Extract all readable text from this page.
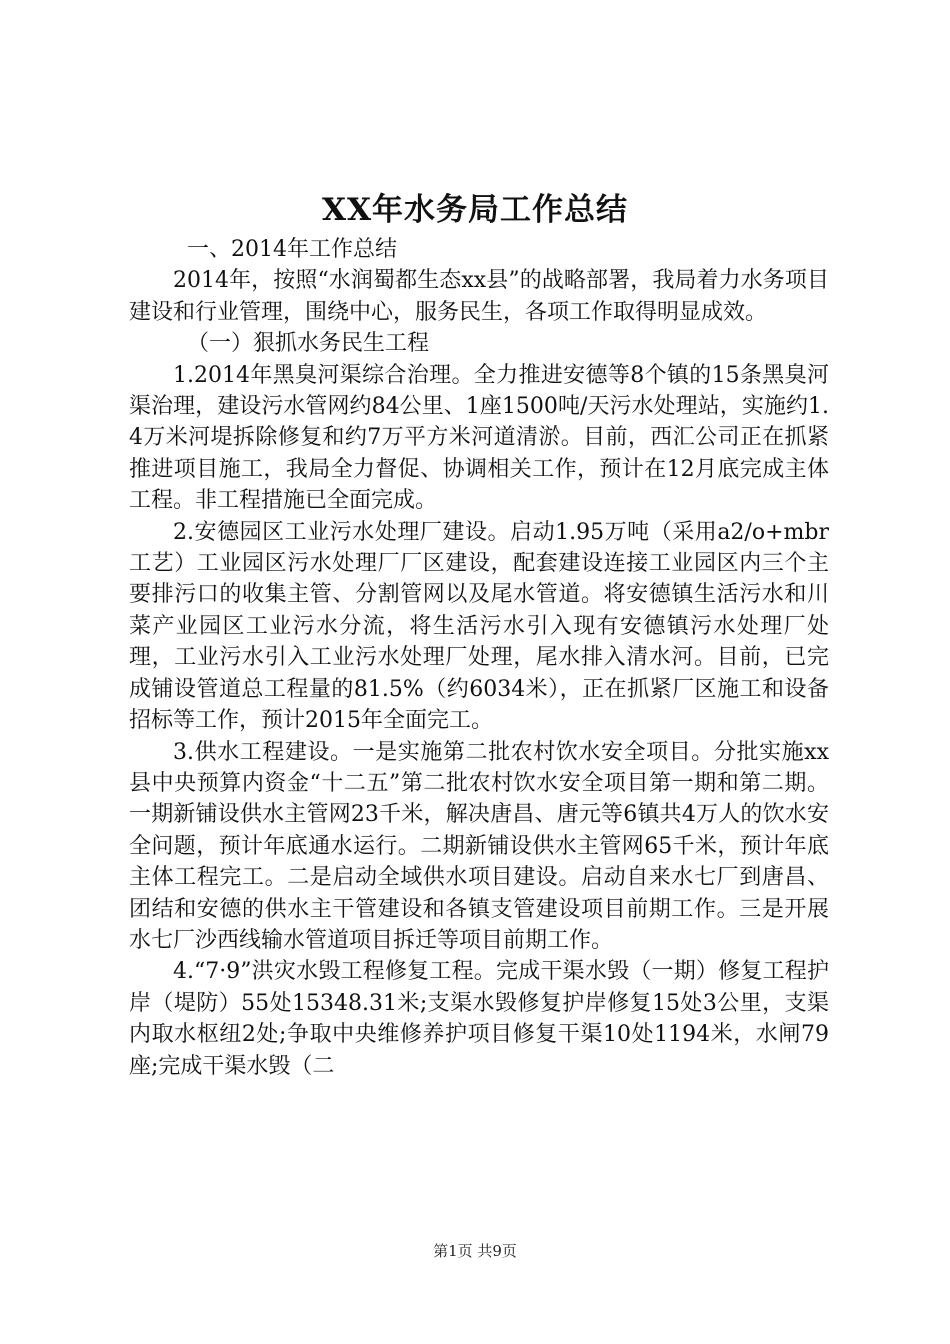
XX年水务局工作总结

一、2014年工作总结

2014年，按照“水润蜀都生态xx县”的战略部署，我局着力水务项目建设和行业管理，围绕中心，服务民生，各项工作取得明显成效。

（一）狠抓水务民生工程

1.2014年黑臭河渠综合治理。全力推进安德等8个镇的15条黑臭河渠治理，建设污水管网约84公里、1座1500吨/天污水处理站，实施约1.4万米河堤拆除修复和约7万平方米河道清淤。目前，西汇公司正在抓紧推进项目施工，我局全力督促、协调相关工作，预计在12月底完成主体工程。非工程措施已全面完成。

2.安德园区工业污水处理厂建设。启动1.95万吨（采用a2/o+mbr工艺）工业园区污水处理厂厂区建设，配套建设连接工业园区内三个主要排污口的收集主管、分割管网以及尾水管道。将安德镇生活污水和川菜产业园区工业污水分流，将生活污水引入现有安德镇污水处理厂处理，工业污水引入工业污水处理厂处理，尾水排入清水河。目前，已完成铺设管道总工程量的81.5%（约6034米），正在抓紧厂区施工和设备招标等工作，预计2015年全面完工。

3.供水工程建设。一是实施第二批农村饮水安全项目。分批实施xx县中央预算内资金“十二五”第二批农村饮水安全项目第一期和第二期。一期新铺设供水主管网23千米，解决唐昌、唐元等6镇共4万人的饮水安全问题，预计年底通水运行。二期新铺设供水主管网65千米，预计年底主体工程完工。二是启动全域供水项目建设。启动自来水七厂到唐昌、团结和安德的供水主干管建设和各镇支管建设项目前期工作。三是开展水七厂沙西线输水管道项目拆迁等项目前期工作。

4.“7·9”洪灾水毁工程修复工程。完成干渠水毁（一期）修复工程护岸（堤防）55处15348.31米;支渠水毁修复护岸修复15处3公里，支渠内取水枢纽2处;争取中央维修养护项目修复干渠10处1194米，水闸79座;完成干渠水毁（二

第1页 共9页
